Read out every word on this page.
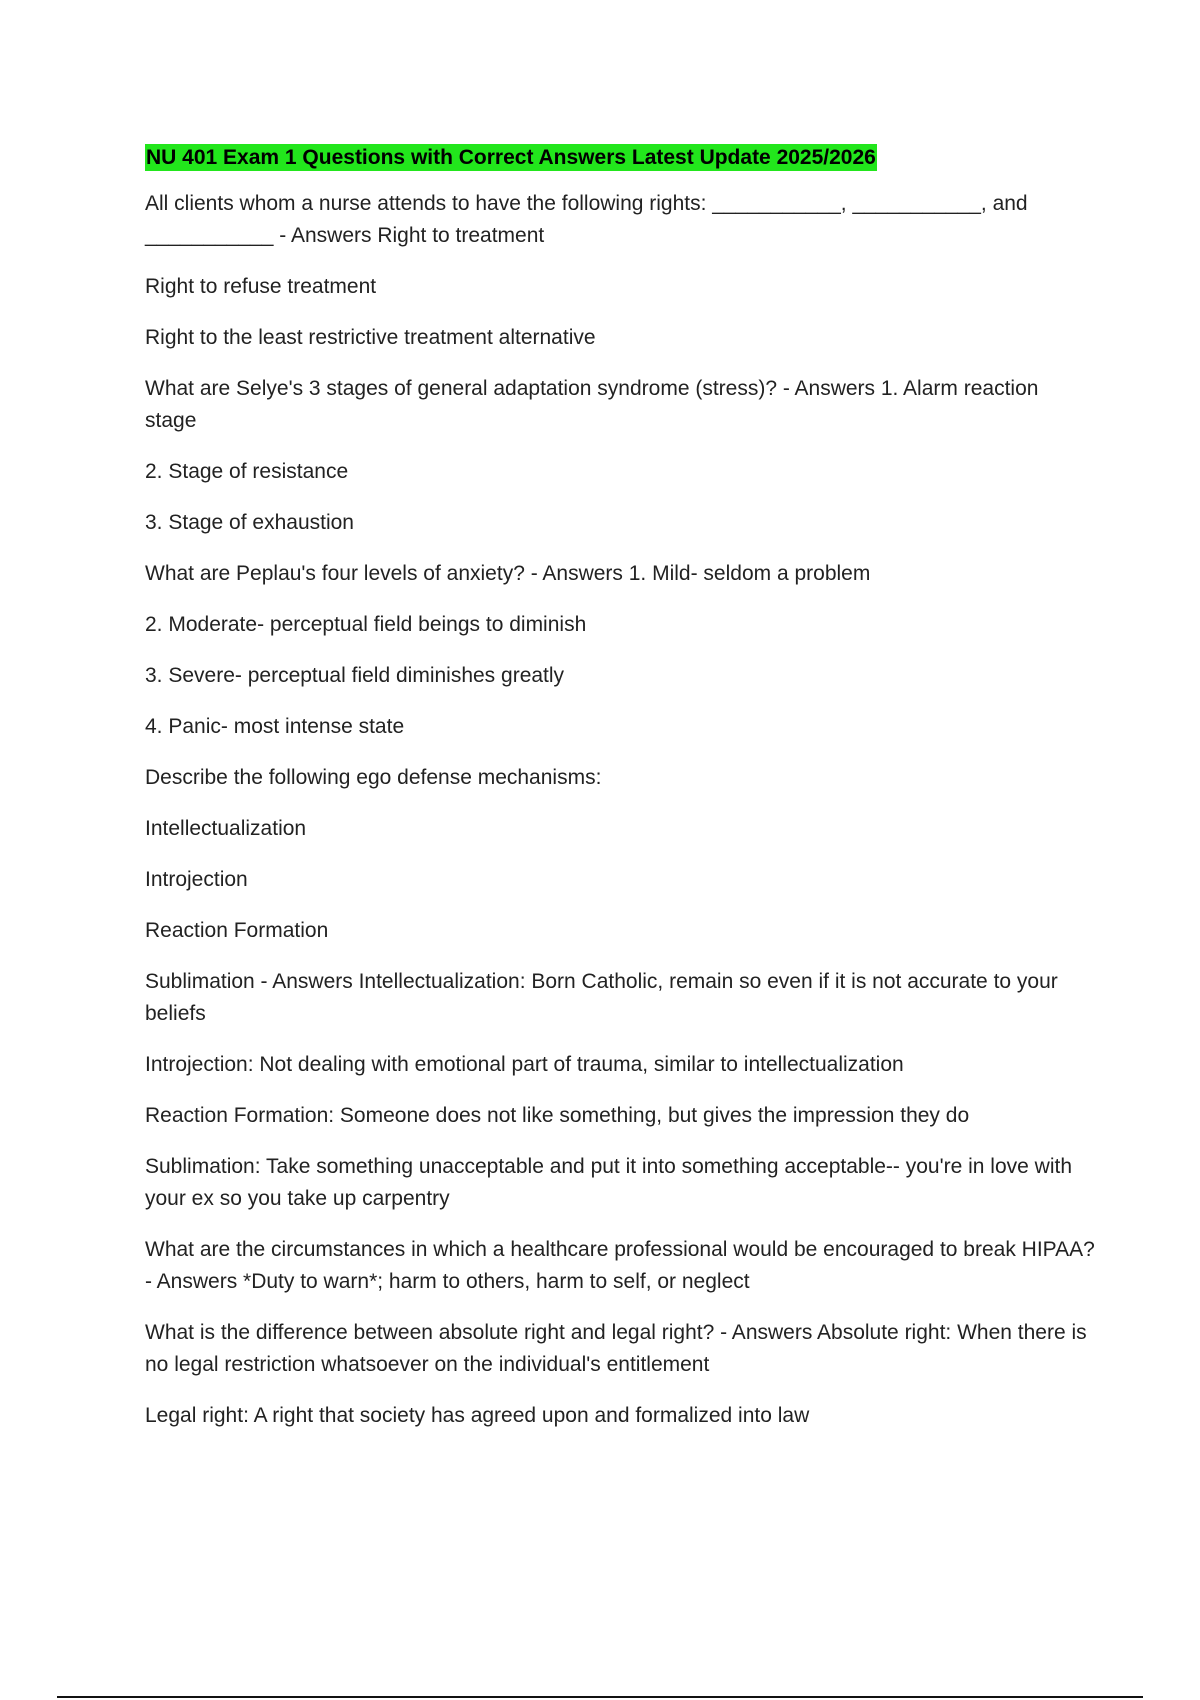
NU 401 Exam 1 Questions with Correct Answers Latest Update 2025/2026

All clients whom a nurse attends to have the following rights: ___________, ___________, and ___________ - Answers Right to treatment

Right to refuse treatment

Right to the least restrictive treatment alternative

What are Selye's 3 stages of general adaptation syndrome (stress)? - Answers 1. Alarm reaction stage

2. Stage of resistance

3. Stage of exhaustion

What are Peplau's four levels of anxiety? - Answers 1. Mild- seldom a problem

2. Moderate- perceptual field beings to diminish

3. Severe- perceptual field diminishes greatly

4. Panic- most intense state

Describe the following ego defense mechanisms:

Intellectualization

Introjection

Reaction Formation

Sublimation - Answers Intellectualization: Born Catholic, remain so even if it is not accurate to your beliefs

Introjection: Not dealing with emotional part of trauma, similar to intellectualization

Reaction Formation: Someone does not like something, but gives the impression they do

Sublimation: Take something unacceptable and put it into something acceptable-- you're in love with your ex so you take up carpentry

What are the circumstances in which a healthcare professional would be encouraged to break HIPAA? - Answers *Duty to warn*; harm to others, harm to self, or neglect

What is the difference between absolute right and legal right? - Answers Absolute right: When there is no legal restriction whatsoever on the individual's entitlement

Legal right: A right that society has agreed upon and formalized into law
